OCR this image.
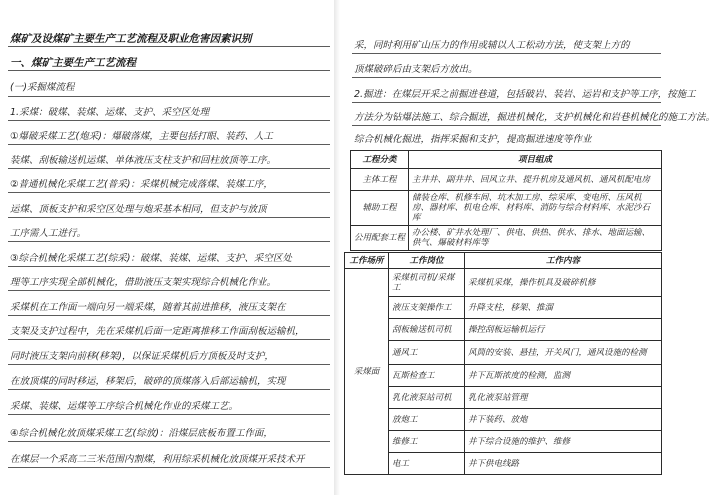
煤矿及设煤矿主要生产工艺流程及职业危害因素识别
一、煤矿主要生产工艺流程
(一)采掘煤流程
1.采煤：破煤、装煤、运煤、支护、采空区处理
①爆破采煤工艺(炮采)：爆破落煤，主要包括打眼、装药、人工
装煤、刮板输送机运煤、单体液压支柱支护和回柱放顶等工序。
②普通机械化采煤工艺(普采)：采煤机械完成落煤、装煤工序，
运煤、顶板支护和采空区处理与炮采基本相同，但支护与放顶
工序需人工进行。
③综合机械化采煤工艺(综采)：破煤、装煤、运煤、支护、采空区处
理等工序实现全部机械化，借助液压支架实现综合机械化作业。
采煤机在工作面一端向另一端采煤，随着其前进推移，液压支架在
支架及支护过程中，先在采煤机后面一定距离推移工作面刮板运输机，
同时液压支架向前移(移架)，以保证采煤机后方顶板及时支护，
在放顶煤的同时移运，移架后，破碎的顶煤落入后部运输机，实现
采煤、装煤、运煤等工序综合机械化作业的采煤工艺。
④综合机械化放顶煤采煤工艺(综放)：沿煤层底板布置工作面，
在煤层一个采高二三米范围内割煤，利用综采机械化放顶煤开采技术开
采，同时利用矿山压力的作用或辅以人工松动方法，使支架上方的
顶煤破碎后由支架后方放出。
2.掘进：在煤层开采之前掘进巷道，包括破岩、装岩、运岩和支护等工序，按施工
方法分为钻爆法施工、综合掘进，掘进机械化，支护机械化和岩巷机械化的施工方法。
综合机械化掘进，指挥采掘和支护，提高掘进速度等作业
工程分类	项目组成
主体工程	主井井、副井井、回风立井、提升机房及通风机、通风机配电房
辅助工程	储装仓库、机修车间、坑木加工房、综采库、变电所、压风机房、器材库、机电仓库、材料库、消防与综合材料库、水泥沙石库
公用配套工程	办公楼、矿井水处理厂、供电、供热、供水、排水、地面运输、供气、爆破材料库等
工作场所	工作岗位	工作内容
采煤面	采煤机司机/采煤工	采煤机采煤，操作机具及破碎机修
	液压支架操作工	升降支柱，移架、推溜
	刮板输送机司机	操控刮板运输机运行
	通风工	风筒的安装、悬挂，开关风门，通风设施的检测
	瓦斯检查工	井下瓦斯浓度的检测，监测
	乳化液泵站司机	乳化液泵站管理
	放炮工	井下装药、放炮
	维修工	井下综合设施的维护、维修
	电工	井下供电线路
